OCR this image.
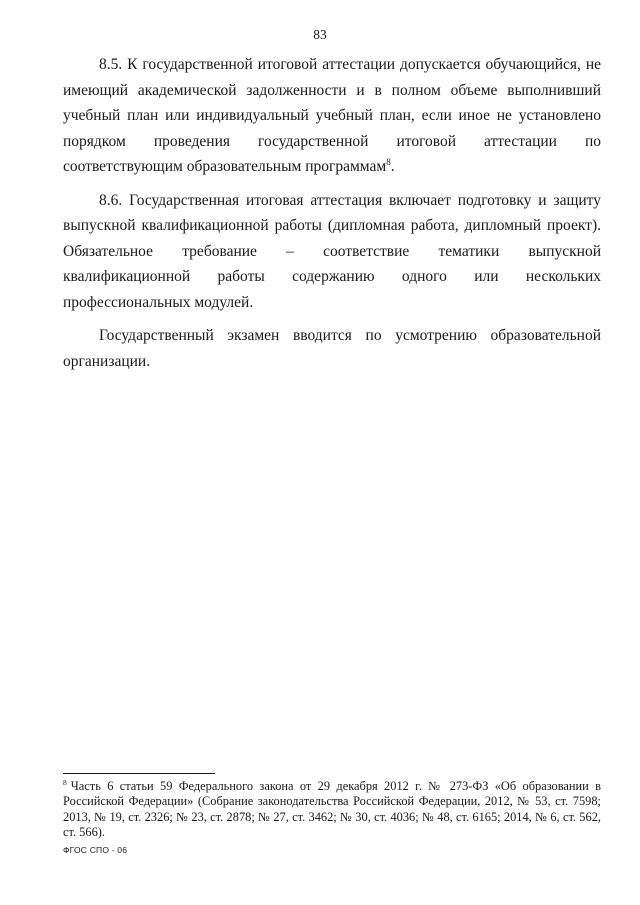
83

8.5. К государственной итоговой аттестации допускается обучающийся, не имеющий академической задолженности и в полном объеме выполнивший учебный план или индивидуальный учебный план, если иное не установлено порядком проведения государственной итоговой аттестации по соответствующим образовательным программам$^8$.

8.6. Государственная итоговая аттестация включает подготовку и защиту выпускной квалификационной работы (дипломная работа, дипломный проект). Обязательное требование – соответствие тематики выпускной квалификационной работы содержанию одного или нескольких профессиональных модулей.

Государственный экзамен вводится по усмотрению образовательной организации.

$^8$ Часть 6 статьи 59 Федерального закона от 29 декабря 2012 г. № 273-ФЗ «Об образовании в Российской Федерации» (Собрание законодательства Российской Федерации, 2012, № 53, ст. 7598; 2013, № 19, ст. 2326; № 23, ст. 2878; № 27, ст. 3462; № 30, ст. 4036; № 48, ст. 6165; 2014, № 6, ст. 562, ст. 566).

ФГОС СПО - 06
